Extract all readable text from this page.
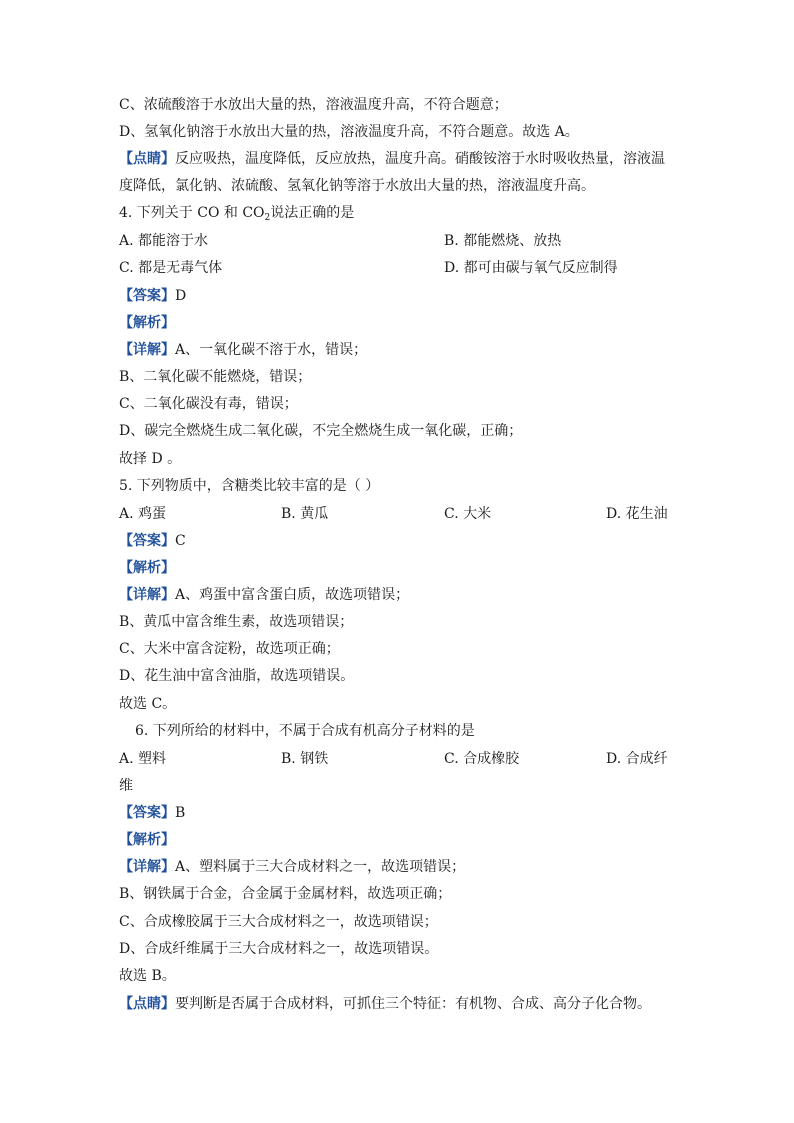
C、浓硫酸溶于水放出大量的热，溶液温度升高，不符合题意；
D、氢氧化钠溶于水放出大量的热，溶液温度升高，不符合题意。故选 A。
【点睛】反应吸热，温度降低，反应放热，温度升高。硝酸铵溶于水时吸收热量，溶液温
度降低，氯化钠、浓硫酸、氢氧化钠等溶于水放出大量的热，溶液温度升高。
4. 下列关于 CO 和 $CO_2$说法正确的是
A. 都能溶于水	B. 都能燃烧、放热
C. 都是无毒气体	D. 都可由碳与氧气反应制得
【答案】D
【解析】
【详解】A、一氧化碳不溶于水，错误；
B、二氧化碳不能燃烧，错误；
C、二氧化碳没有毒，错误；
D、碳完全燃烧生成二氧化碳，不完全燃烧生成一氧化碳，正确；
故择 D 。
5. 下列物质中，含糖类比较丰富的是（ ）
A. 鸡蛋	B. 黄瓜	C. 大米	D. 花生油
【答案】C
【解析】
【详解】A、鸡蛋中富含蛋白质，故选项错误；
B、黄瓜中富含维生素，故选项错误；
C、大米中富含淀粉，故选项正确；
D、花生油中富含油脂，故选项错误。
故选 C。
6. 下列所给的材料中，不属于合成有机高分子材料的是
A. 塑料	B. 钢铁	C. 合成橡胶	D. 合成纤
维
【答案】B
【解析】
【详解】A、塑料属于三大合成材料之一，故选项错误；
B、钢铁属于合金，合金属于金属材料，故选项正确；
C、合成橡胶属于三大合成材料之一，故选项错误；
D、合成纤维属于三大合成材料之一，故选项错误。
故选 B。
【点睛】要判断是否属于合成材料，可抓住三个特征：有机物、合成、高分子化合物。
